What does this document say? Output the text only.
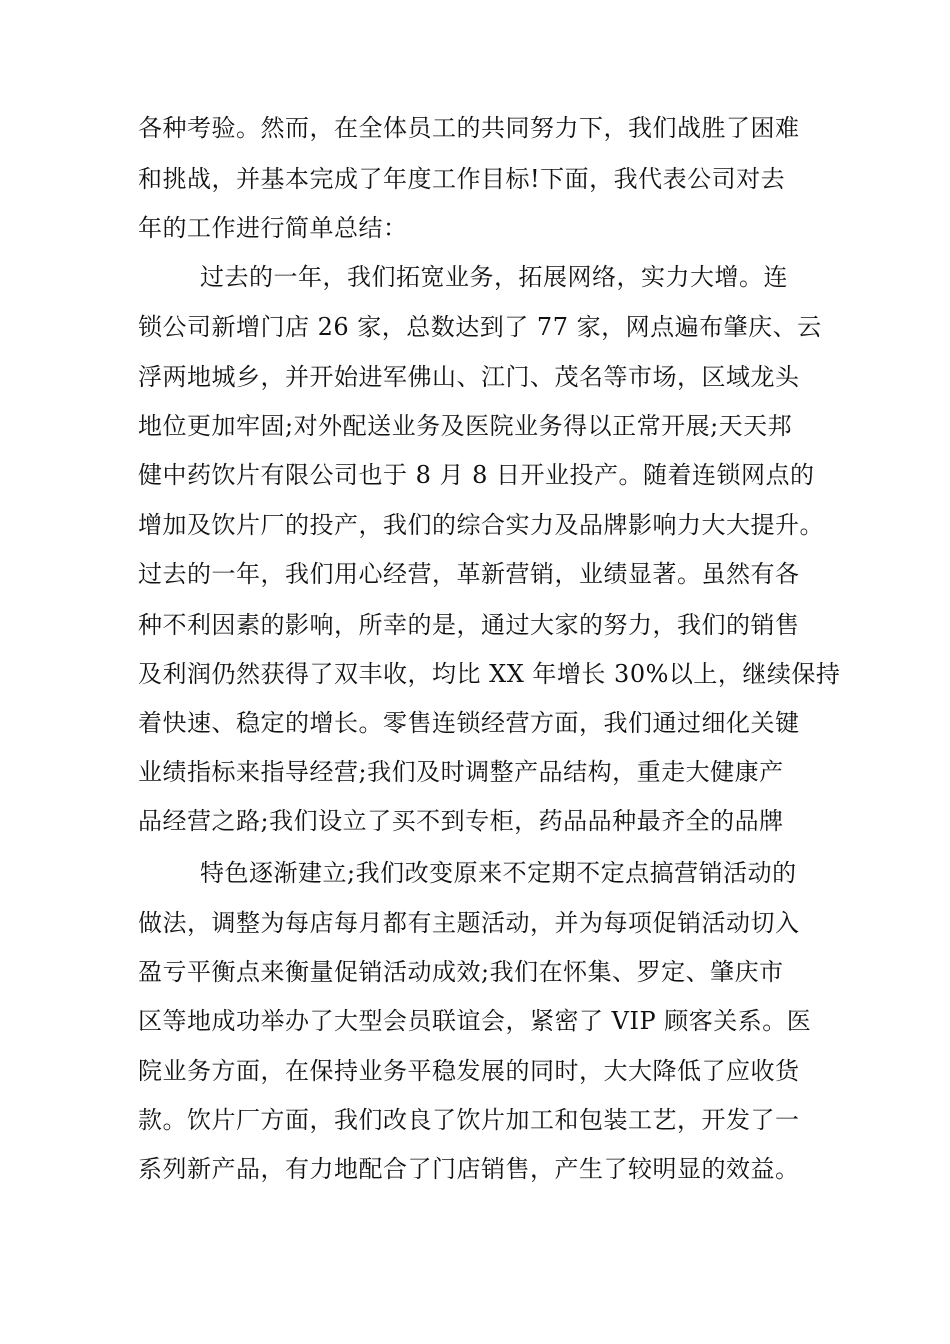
各种考验。然而，在全体员工的共同努力下，我们战胜了困难
和挑战，并基本完成了年度工作目标!下面，我代表公司对去
年的工作进行简单总结：
过去的一年，我们拓宽业务，拓展网络，实力大增。连
锁公司新增门店 26 家，总数达到了 77 家，网点遍布肇庆、云
浮两地城乡，并开始进军佛山、江门、茂名等市场，区域龙头
地位更加牢固;对外配送业务及医院业务得以正常开展;天天邦
健中药饮片有限公司也于 8 月 8 日开业投产。随着连锁网点的
增加及饮片厂的投产，我们的综合实力及品牌影响力大大提升。
过去的一年，我们用心经营，革新营销，业绩显著。虽然有各
种不利因素的影响，所幸的是，通过大家的努力，我们的销售
及利润仍然获得了双丰收，均比 XX 年增长 30%以上，继续保持
着快速、稳定的增长。零售连锁经营方面，我们通过细化关键
业绩指标来指导经营;我们及时调整产品结构，重走大健康产
品经营之路;我们设立了买不到专柜，药品品种最齐全的品牌
特色逐渐建立;我们改变原来不定期不定点搞营销活动的
做法，调整为每店每月都有主题活动，并为每项促销活动切入
盈亏平衡点来衡量促销活动成效;我们在怀集、罗定、肇庆市
区等地成功举办了大型会员联谊会，紧密了 VIP 顾客关系。医
院业务方面，在保持业务平稳发展的同时，大大降低了应收货
款。饮片厂方面，我们改良了饮片加工和包装工艺，开发了一
系列新产品，有力地配合了门店销售，产生了较明显的效益。
